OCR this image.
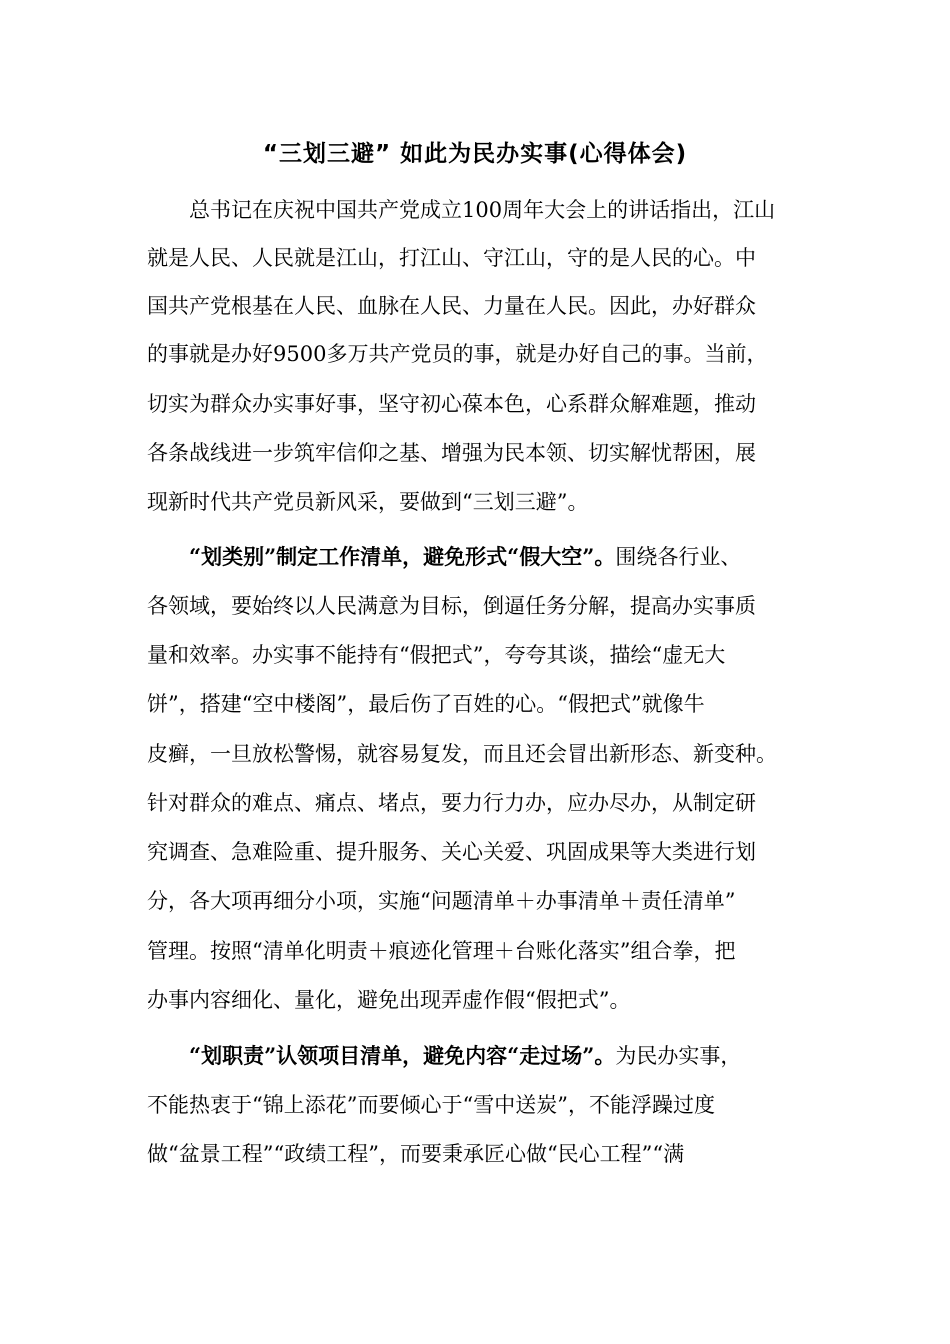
“三划三避” 如此为民办实事(心得体会)
总书记在庆祝中国共产党成立100周年大会上的讲话指出，江山
就是人民、人民就是江山，打江山、守江山，守的是人民的心。中
国共产党根基在人民、血脉在人民、力量在人民。因此，办好群众
的事就是办好9500多万共产党员的事，就是办好自己的事。当前，
切实为群众办实事好事，坚守初心葆本色，心系群众解难题，推动
各条战线进一步筑牢信仰之基、增强为民本领、切实解忧帮困，展
现新时代共产党员新风采，要做到“三划三避”。
“划类别”制定工作清单，避免形式“假大空”。围绕各行业、
各领域，要始终以人民满意为目标，倒逼任务分解，提高办实事质
量和效率。办实事不能持有“假把式”，夸夸其谈，描绘“虚无大
饼”，搭建“空中楼阁”，最后伤了百姓的心。“假把式”就像牛
皮癣，一旦放松警惕，就容易复发，而且还会冒出新形态、新变种。
针对群众的难点、痛点、堵点，要力行力办，应办尽办，从制定研
究调查、急难险重、提升服务、关心关爱、巩固成果等大类进行划
分，各大项再细分小项，实施“问题清单＋办事清单＋责任清单”
管理。按照“清单化明责＋痕迹化管理＋台账化落实”组合拳，把
办事内容细化、量化，避免出现弄虚作假“假把式”。
“划职责”认领项目清单，避免内容“走过场”。为民办实事，
不能热衷于“锦上添花”而要倾心于“雪中送炭”，不能浮躁过度
做“盆景工程”“政绩工程”，而要秉承匠心做“民心工程”“满
